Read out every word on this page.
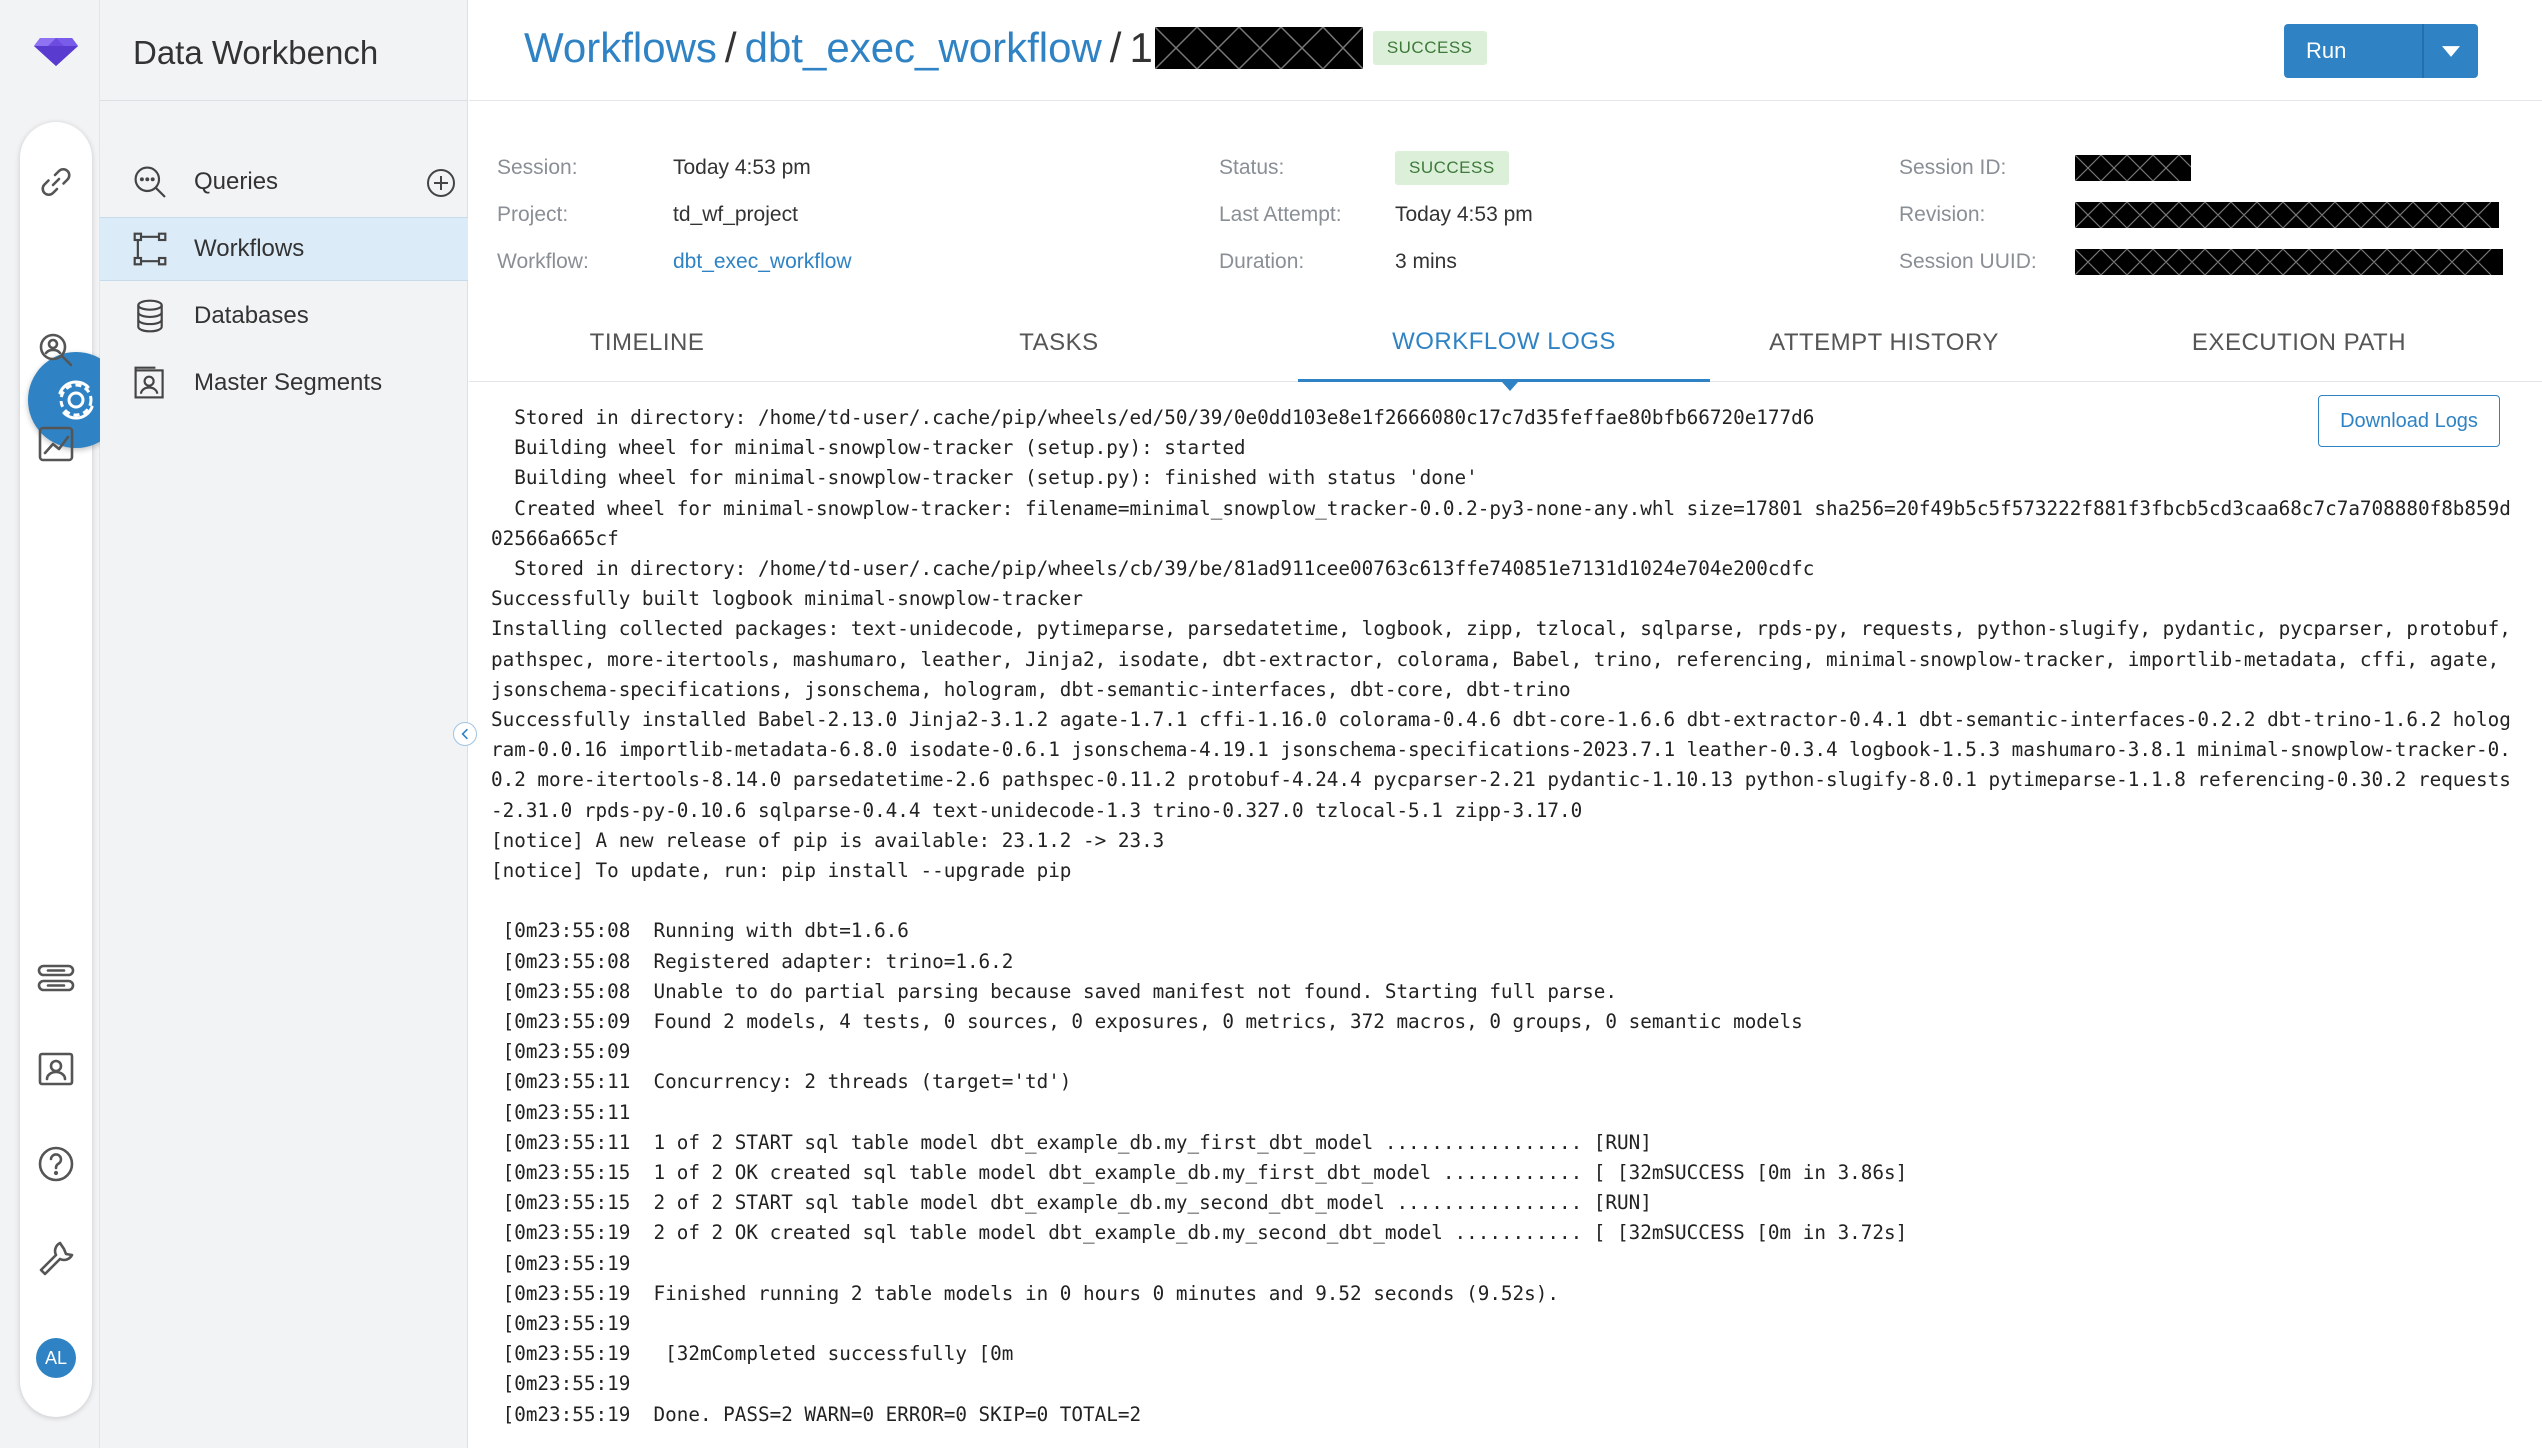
AL
Data Workbench
Queries
Workflows
Databases
Master Segments
Workflows / dbt_exec_workflow / 1	SUCCESS	Run
Session:	Today 4:53 pm
Project:	td_wf_project
Workflow:	dbt_exec_workflow
Status:	SUCCESS
Last Attempt:	Today 4:53 pm
Duration:	3 mins
Session ID:
Revision:
Session UUID:
TIMELINE	TASKS	WORKFLOW LOGS	ATTEMPT HISTORY	EXECUTION PATH
Stored in directory: /home/td-user/.cache/pip/wheels/ed/50/39/0e0dd103e8e1f2666080c17c7d35feffae80bfb66720e177d6
Building wheel for minimal-snowplow-tracker (setup.py): started
Building wheel for minimal-snowplow-tracker (setup.py): finished with status 'done'
Created wheel for minimal-snowplow-tracker: filename=minimal_snowplow_tracker-0.0.2-py3-none-any.whl size=17801 sha256=20f49b5c5f573222f881f3fbcb5cd3caa68c7c7a708880f8b859d02566a665cf
Stored in directory: /home/td-user/.cache/pip/wheels/cb/39/be/81ad911cee00763c613ffe740851e7131d1024e704e200cdfc
Successfully built logbook minimal-snowplow-tracker
Installing collected packages: text-unidecode, pytimeparse, parsedatetime, logbook, zipp, tzlocal, sqlparse, rpds-py, requests, python-slugify, pydantic, pycparser, protobuf, pathspec, more-itertools, mashumaro, leather, Jinja2, isodate, dbt-extractor, colorama, Babel, trino, referencing, minimal-snowplow-tracker, importlib-metadata, cffi, agate, jsonschema-specifications, jsonschema, hologram, dbt-semantic-interfaces, dbt-core, dbt-trino
Successfully installed Babel-2.13.0 Jinja2-3.1.2 agate-1.7.1 cffi-1.16.0 colorama-0.4.6 dbt-core-1.6.6 dbt-extractor-0.4.1 dbt-semantic-interfaces-0.2.2 dbt-trino-1.6.2 hologram-0.0.16 importlib-metadata-6.8.0 isodate-0.6.1 jsonschema-4.19.1 jsonschema-specifications-2023.7.1 leather-0.3.4 logbook-1.5.3 mashumaro-3.8.1 minimal-snowplow-tracker-0.0.2 more-itertools-8.14.0 parsedatetime-2.6 pathspec-0.11.2 protobuf-4.24.4 pycparser-2.21 pydantic-1.10.13 python-slugify-8.0.1 pytimeparse-1.1.8 referencing-0.30.2 requests-2.31.0 rpds-py-0.10.6 sqlparse-0.4.4 text-unidecode-1.3 trino-0.327.0 tzlocal-5.1 zipp-3.17.0
[notice] A new release of pip is available: 23.1.2 -> 23.3
[notice] To update, run: pip install --upgrade pip
[0m23:55:08  Running with dbt=1.6.6
[0m23:55:08  Registered adapter: trino=1.6.2
[0m23:55:08  Unable to do partial parsing because saved manifest not found. Starting full parse.
[0m23:55:09  Found 2 models, 4 tests, 0 sources, 0 exposures, 0 metrics, 372 macros, 0 groups, 0 semantic models
[0m23:55:09
[0m23:55:11  Concurrency: 2 threads (target='td')
[0m23:55:11
[0m23:55:11  1 of 2 START sql table model dbt_example_db.my_first_dbt_model ................. [RUN]
[0m23:55:15  1 of 2 OK created sql table model dbt_example_db.my_first_dbt_model ............ [ [32mSUCCESS [0m in 3.86s]
[0m23:55:15  2 of 2 START sql table model dbt_example_db.my_second_dbt_model ................ [RUN]
[0m23:55:19  2 of 2 OK created sql table model dbt_example_db.my_second_dbt_model ........... [ [32mSUCCESS [0m in 3.72s]
[0m23:55:19
[0m23:55:19  Finished running 2 table models in 0 hours 0 minutes and 9.52 seconds (9.52s).
[0m23:55:19
[0m23:55:19   [32mCompleted successfully [0m
[0m23:55:19
[0m23:55:19  Done. PASS=2 WARN=0 ERROR=0 SKIP=0 TOTAL=2
Download Logs
